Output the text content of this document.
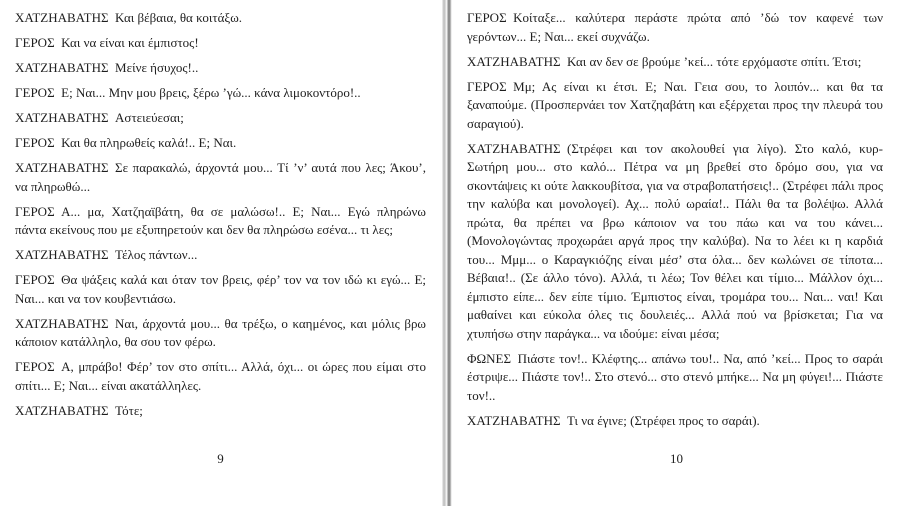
ΧΑΤΖΗΑΒΑΤΗΣ  Και βέβαια, θα κοιτάξω.

ΓΕΡΟΣ  Και να είναι και έμπιστος!

ΧΑΤΖΗΑΒΑΤΗΣ  Μείνε ήσυχος!..

ΓΕΡΟΣ  Ε; Ναι... Μην μου βρεις, ξέρω ’γώ... κάνα λιμοκοντόρο!..

ΧΑΤΖΗΑΒΑΤΗΣ  Αστειεύεσαι;

ΓΕΡΟΣ  Και θα πληρωθείς καλά!.. Ε; Ναι.

ΧΑΤΖΗΑΒΑΤΗΣ  Σε παρακαλώ, άρχοντά μου... Τί ’ν’ αυτά που λες; Άκου’, να πληρωθώ...

ΓΕΡΟΣ  Α... μα, Χατζηαϊβάτη, θα σε μαλώσω!.. Ε; Ναι... Εγώ πληρώνω πάντα εκείνους που με εξυπηρετούν και δεν θα πληρώσω εσένα... τι λες;

ΧΑΤΖΗΑΒΑΤΗΣ  Τέλος πάντων...

ΓΕΡΟΣ  Θα ψάξεις καλά και όταν τον βρεις, φέρ’ τον να τον ιδώ κι εγώ... Ε; Ναι... και να τον κουβεντιάσω.

ΧΑΤΖΗΑΒΑΤΗΣ  Ναι, άρχοντά μου... θα τρέξω, ο καημένος, και μόλις βρω κάποιον κατάλληλο, θα σου τον φέρω.

ΓΕΡΟΣ  Α, μπράβο! Φέρ’ τον στο σπίτι... Αλλά, όχι... οι ώρες που είμαι στο σπίτι... Ε; Ναι... είναι ακατάλληλες.

ΧΑΤΖΗΑΒΑΤΗΣ  Τότε;

9

ΓΕΡΟΣ  Κοίταξε... καλύτερα περάστε πρώτα από ’δώ τον καφενέ των γερόντων... Ε; Ναι... εκεί συχνάζω.

ΧΑΤΖΗΑΒΑΤΗΣ  Και αν δεν σε βρούμε ’κεί... τότε ερχόμαστε σπίτι. Έτσι;

ΓΕΡΟΣ  Μμ; Ας είναι κι έτσι. Ε; Ναι. Γεια σου, το λοιπόν... και θα τα ξαναπούμε. (Προσπερνάει τον Χατζηαβάτη και εξέρχεται προς την πλευρά του σαραγιού).

ΧΑΤΖΗΑΒΑΤΗΣ  (Στρέφει και τον ακολουθεί για λίγο). Στο καλό, κυρ-Σωτήρη μου... στο καλό... Πέτρα να μη βρεθεί στο δρόμο σου, για να σκοντάψεις κι ούτε λακκουβίτσα, για να στραβοπατήσεις!.. (Στρέφει πάλι προς την καλύβα και μονολογεί). Αχ... πολύ ωραία!.. Πάλι θα τα βολέψω. Αλλά πρώτα, θα πρέπει να βρω κάποιον να του πάω και να του κάνει... (Μονολογώντας προχωράει αργά προς την καλύβα). Να το λέει κι η καρδιά του... Μμμ... ο Καραγκιόζης είναι μέσ’ στα όλα... δεν κωλώνει σε τίποτα... Βέβαια!.. (Σε άλλο τόνο). Αλλά, τι λέω; Τον θέλει και τίμιο... Μάλλον όχι... έμπιστο είπε... δεν είπε τίμιο. Έμπιστος είναι, τρομάρα του... Ναι... ναι! Και μαθαίνει και εύκολα όλες τις δουλειές... Αλλά πού να βρίσκεται; Για να χτυπήσω στην παράγκα... να ιδούμε: είναι μέσα;

ΦΩΝΕΣ  Πιάστε τον!.. Κλέφτης... απάνω του!.. Να, από ’κεί... Προς το σαράι έστριψε... Πιάστε τον!.. Στο στενό... στο στενό μπήκε... Να μη φύγει!... Πιάστε τον!..

ΧΑΤΖΗΑΒΑΤΗΣ  Τι να έγινε; (Στρέφει προς το σαράι).

10
